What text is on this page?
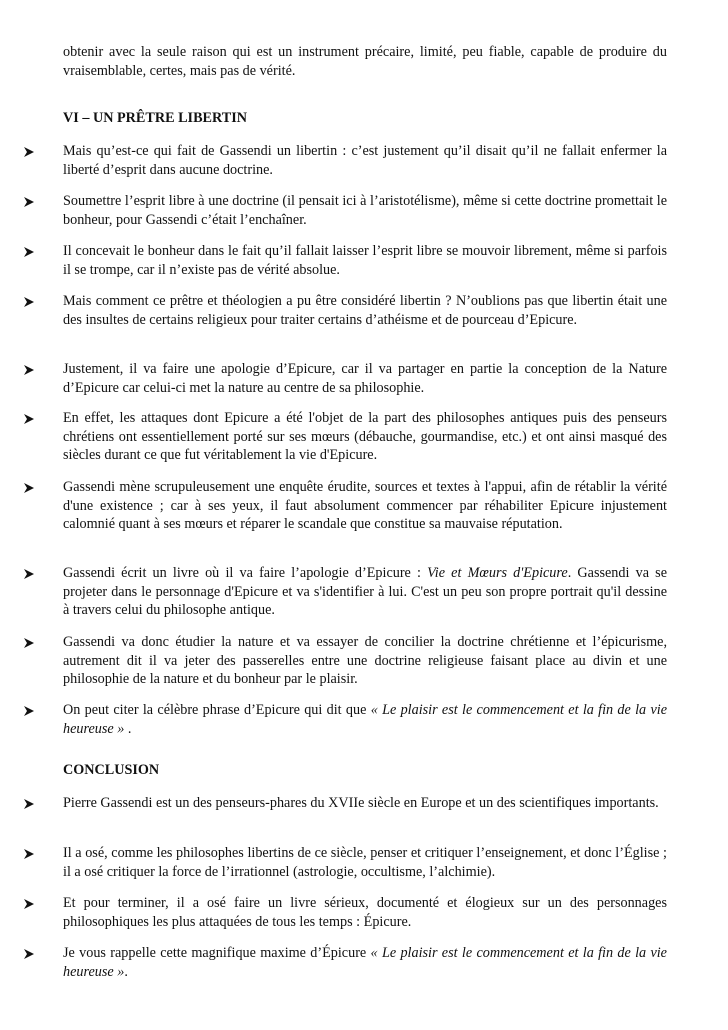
obtenir avec la seule raison qui est un instrument précaire, limité, peu fiable, capable de produire du vraisemblable, certes, mais pas de vérité.

VI – UN PRÊTRE LIBERTIN

Mais qu’est-ce qui fait de Gassendi un libertin : c’est justement qu’il disait qu’il ne fallait enfermer la liberté d’esprit dans aucune doctrine.

Soumettre l’esprit libre à une doctrine (il pensait ici à l’aristotélisme), même si cette doctrine promettait le bonheur, pour Gassendi c’était l’enchaîner.

Il concevait le bonheur dans le fait qu’il fallait laisser l’esprit libre se mouvoir librement, même si parfois il se trompe, car il n’existe pas de vérité absolue.

Mais comment ce prêtre et théologien a pu être considéré libertin ? N’oublions pas que libertin était une des insultes de certains religieux pour traiter certains d’athéisme et de pourceau d’Epicure.

Justement, il va faire une apologie d’Epicure, car il va partager en partie la conception de la Nature d’Epicure car celui-ci met la nature au centre de sa philosophie.

En effet, les attaques dont Epicure a été l'objet de la part des philosophes antiques puis des penseurs chrétiens ont essentiellement porté sur ses mœurs (débauche, gourmandise, etc.) et ont ainsi masqué des siècles durant ce que fut véritablement la vie d'Epicure.

Gassendi mène scrupuleusement une enquête érudite, sources et textes à l'appui, afin de rétablir la vérité d'une existence ; car à ses yeux, il faut absolument commencer par réhabiliter Epicure injustement calomnié quant à ses mœurs et réparer le scandale que constitue sa mauvaise réputation.

Gassendi écrit un livre où il va faire l’apologie d’Epicure : Vie et Mœurs d'Epicure. Gassendi va se projeter dans le personnage d'Epicure et va s'identifier à lui. C'est un peu son propre portrait qu'il dessine à travers celui du philosophe antique.

Gassendi va donc étudier la nature et va essayer de concilier la doctrine chrétienne et l’épicurisme, autrement dit il va jeter des passerelles entre une doctrine religieuse faisant place au divin et une philosophie de la nature et du bonheur par le plaisir.

On peut citer la célèbre phrase d’Epicure qui dit que « Le plaisir est le commencement et la fin de la vie heureuse » .

CONCLUSION

Pierre Gassendi est un des penseurs-phares du XVIIe siècle en Europe et un des scientifiques importants.

Il a osé, comme les philosophes libertins de ce siècle, penser et critiquer l’enseignement, et donc l’Église ; il a osé critiquer la force de l’irrationnel (astrologie, occultisme, l’alchimie).

Et pour terminer, il a osé faire un livre sérieux, documenté et élogieux sur un des personnages philosophiques les plus attaquées de tous les temps : Épicure.

Je vous rappelle cette magnifique maxime d’Épicure « Le plaisir est le commencement et la fin de la vie heureuse ».
